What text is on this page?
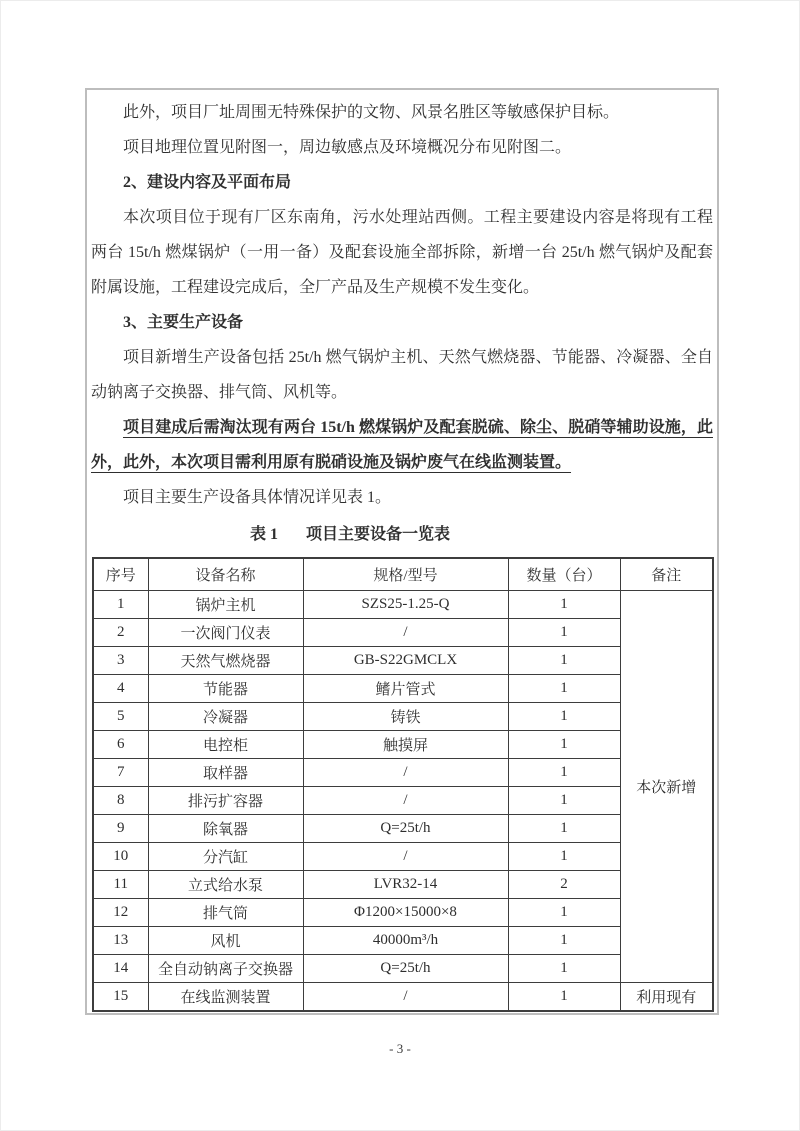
此外，项目厂址周围无特殊保护的文物、风景名胜区等敏感保护目标。

项目地理位置见附图一，周边敏感点及环境概况分布见附图二。

2、建设内容及平面布局

本次项目位于现有厂区东南角，污水处理站西侧。工程主要建设内容是将现有工程两台 15t/h 燃煤锅炉（一用一备）及配套设施全部拆除，新增一台 25t/h 燃气锅炉及配套附属设施，工程建设完成后，全厂产品及生产规模不发生变化。

3、主要生产设备

项目新增生产设备包括 25t/h 燃气锅炉主机、天然气燃烧器、节能器、冷凝器、全自动钠离子交换器、排气筒、风机等。

项目建成后需淘汰现有两台 15t/h 燃煤锅炉及配套脱硫、除尘、脱硝等辅助设施，此外，此外，本次项目需利用原有脱硝设施及锅炉废气在线监测装置。

项目主要生产设备具体情况详见表 1。

表 1 项目主要设备一览表
序号	设备名称	规格/型号	数量（台）	备注
1	锅炉主机	SZS25-1.25-Q	1	本次新增
2	一次阀门仪表	/	1	
3	天然气燃烧器	GB-S22GMCLX	1	
4	节能器	鳍片管式	1	
5	冷凝器	铸铁	1	
6	电控柜	触摸屏	1	
7	取样器	/	1	
8	排污扩容器	/	1	
9	除氧器	Q=25t/h	1	
10	分汽缸	/	1	
11	立式给水泵	LVR32-14	2	
12	排气筒	Φ1200×15000×8	1	
13	风机	40000m³/h	1	
14	全自动钠离子交换器	Q=25t/h	1	
15	在线监测装置	/	1	利用现有
- 3 -
